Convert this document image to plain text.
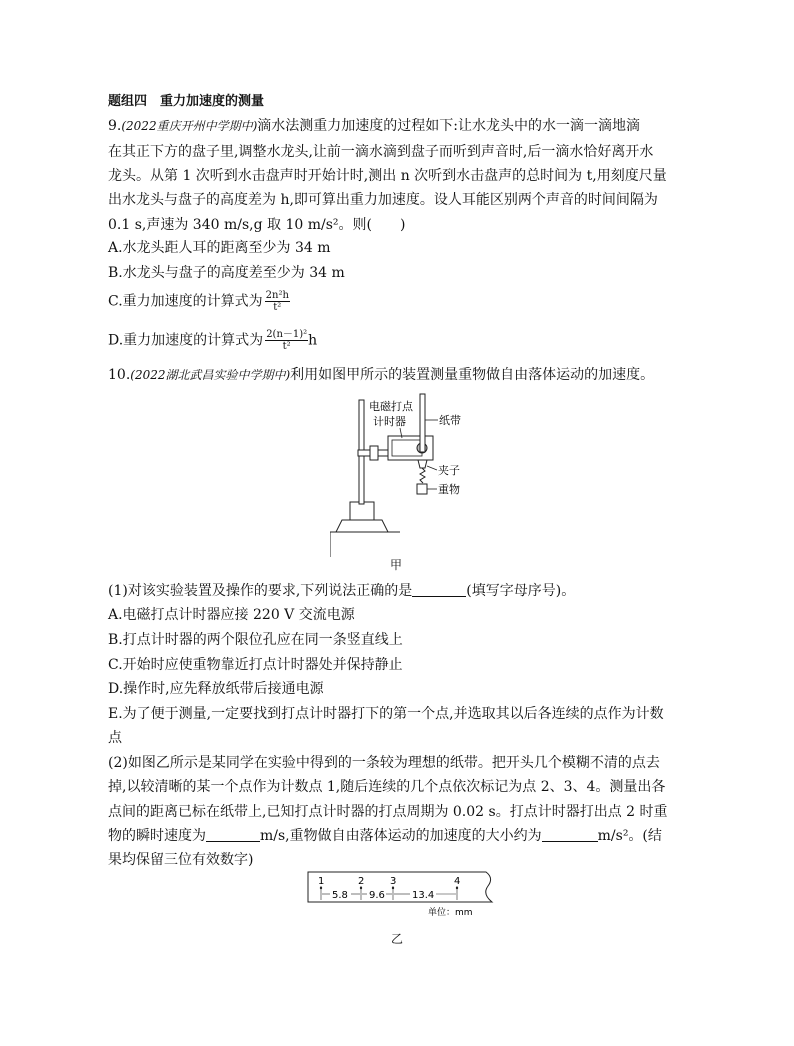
题组四　重力加速度的测量
9.(2022重庆开州中学期中)滴水法测重力加速度的过程如下:让水龙头中的水一滴一滴地滴
在其正下方的盘子里,调整水龙头,让前一滴水滴到盘子而听到声音时,后一滴水恰好离开水
龙头。从第 1 次听到水击盘声时开始计时,测出 n 次听到水击盘声的总时间为 t,用刻度尺量
出水龙头与盘子的高度差为 h,即可算出重力加速度。设人耳能区别两个声音的时间间隔为
0.1 s,声速为 340 m/s,g 取 10 m/s²。则(　　)
A.水龙头距人耳的距离至少为 34 m
B.水龙头与盘子的高度差至少为 34 m
C.重力加速度的计算式为 $\frac{\text{2n²h}}{\text{t²}}$
D.重力加速度的计算式为 $\frac{\text{2(n－1)²}}{\text{t²}}$ h
10.(2022湖北武昌实验中学期中)利用如图甲所示的装置测量重物做自由落体运动的加速度。
纸带
电磁打点
计时器
夹子
重物
甲
(1)对该实验装置及操作的要求,下列说法正确的是	(填写字母序号)。
A.电磁打点计时器应接 220 V 交流电源
B.打点计时器的两个限位孔应在同一条竖直线上
C.开始时应使重物靠近打点计时器处并保持静止
D.操作时,应先释放纸带后接通电源
E.为了便于测量,一定要找到打点计时器打下的第一个点,并选取其以后各连续的点作为计数
点
(2)如图乙所示是某同学在实验中得到的一条较为理想的纸带。把开头几个模糊不清的点去
掉,以较清晰的某一个点作为计数点 1,随后连续的几个点依次标记为点 2、3、4。测量出各
点间的距离已标在纸带上,已知打点计时器的打点周期为 0.02 s。打点计时器打出点 2 时重
物的瞬时速度为	m/s,重物做自由落体运动的加速度的大小约为	m/s²。(结
果均保留三位有效数字)
1	2	3	4
5.8 9.6	13.4
单位：mm
乙
